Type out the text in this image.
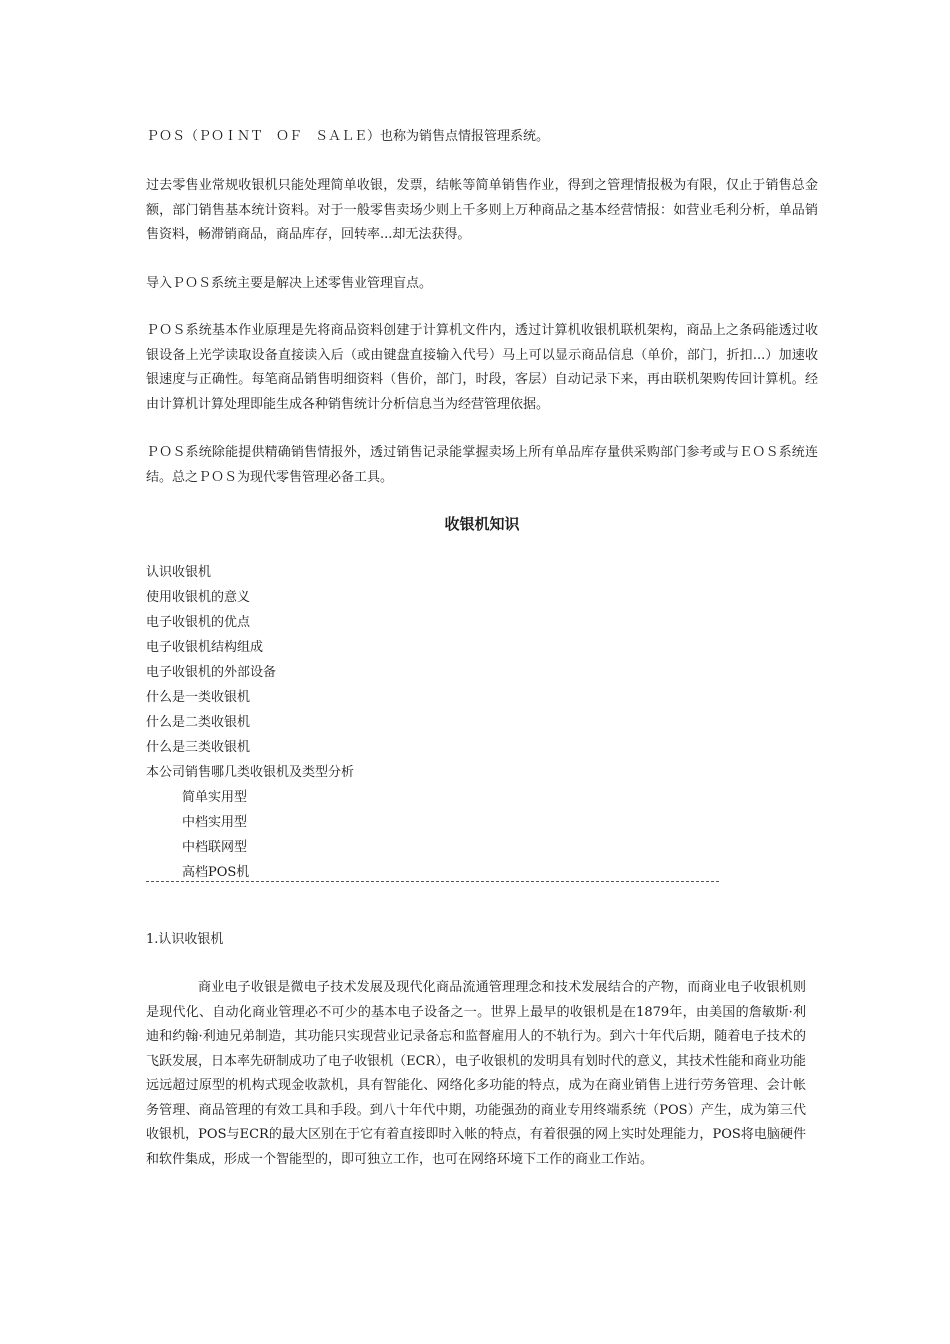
ＰＯＳ（ＰＯＩＮＴ　ＯＦ　ＳＡＬＥ）也称为销售点情报管理系统。

过去零售业常规收银机只能处理简单收银，发票，结帐等简单销售作业，得到之管理情报极为有限，仅止于销售总金额，部门销售基本统计资料。对于一般零售卖场少则上千多则上万种商品之基本经营情报：如营业毛利分析，单品销售资料，畅滞销商品，商品库存，回转率...却无法获得。

导入ＰＯＳ系统主要是解决上述零售业管理盲点。

ＰＯＳ系统基本作业原理是先将商品资料创建于计算机文件内，透过计算机收银机联机架构，商品上之条码能透过收银设备上光学读取设备直接读入后（或由键盘直接输入代号）马上可以显示商品信息（单价，部门，折扣...）加速收银速度与正确性。每笔商品销售明细资料（售价，部门，时段，客层）自动记录下来，再由联机架购传回计算机。经由计算机计算处理即能生成各种销售统计分析信息当为经营管理依据。

ＰＯＳ系统除能提供精确销售情报外，透过销售记录能掌握卖场上所有单品库存量供采购部门参考或与ＥＯＳ系统连结。总之ＰＯＳ为现代零售管理必备工具。

收银机知识
认识收银机
使用收银机的意义
电子收银机的优点
电子收银机结构组成
电子收银机的外部设备
什么是一类收银机
什么是二类收银机
什么是三类收银机
本公司销售哪几类收银机及类型分析
简单实用型
中档实用型
中档联网型
高档POS机
1.认识收银机

商业电子收银是微电子技术发展及现代化商品流通管理理念和技术发展结合的产物，而商业电子收银机则是现代化、自动化商业管理必不可少的基本电子设备之一。世界上最早的收银机是在1879年，由美国的詹敏斯·利迪和约翰·利迪兄弟制造，其功能只实现营业记录备忘和监督雇用人的不轨行为。到六十年代后期，随着电子技术的飞跃发展，日本率先研制成功了电子收银机（ECR），电子收银机的发明具有划时代的意义，其技术性能和商业功能远远超过原型的机构式现金收款机，具有智能化、网络化多功能的特点，成为在商业销售上进行劳务管理、会计帐务管理、商品管理的有效工具和手段。到八十年代中期，功能强劲的商业专用终端系统（POS）产生，成为第三代收银机，POS与ECR的最大区别在于它有着直接即时入帐的特点，有着很强的网上实时处理能力，POS将电脑硬件和软件集成，形成一个智能型的，即可独立工作，也可在网络环境下工作的商业工作站。
